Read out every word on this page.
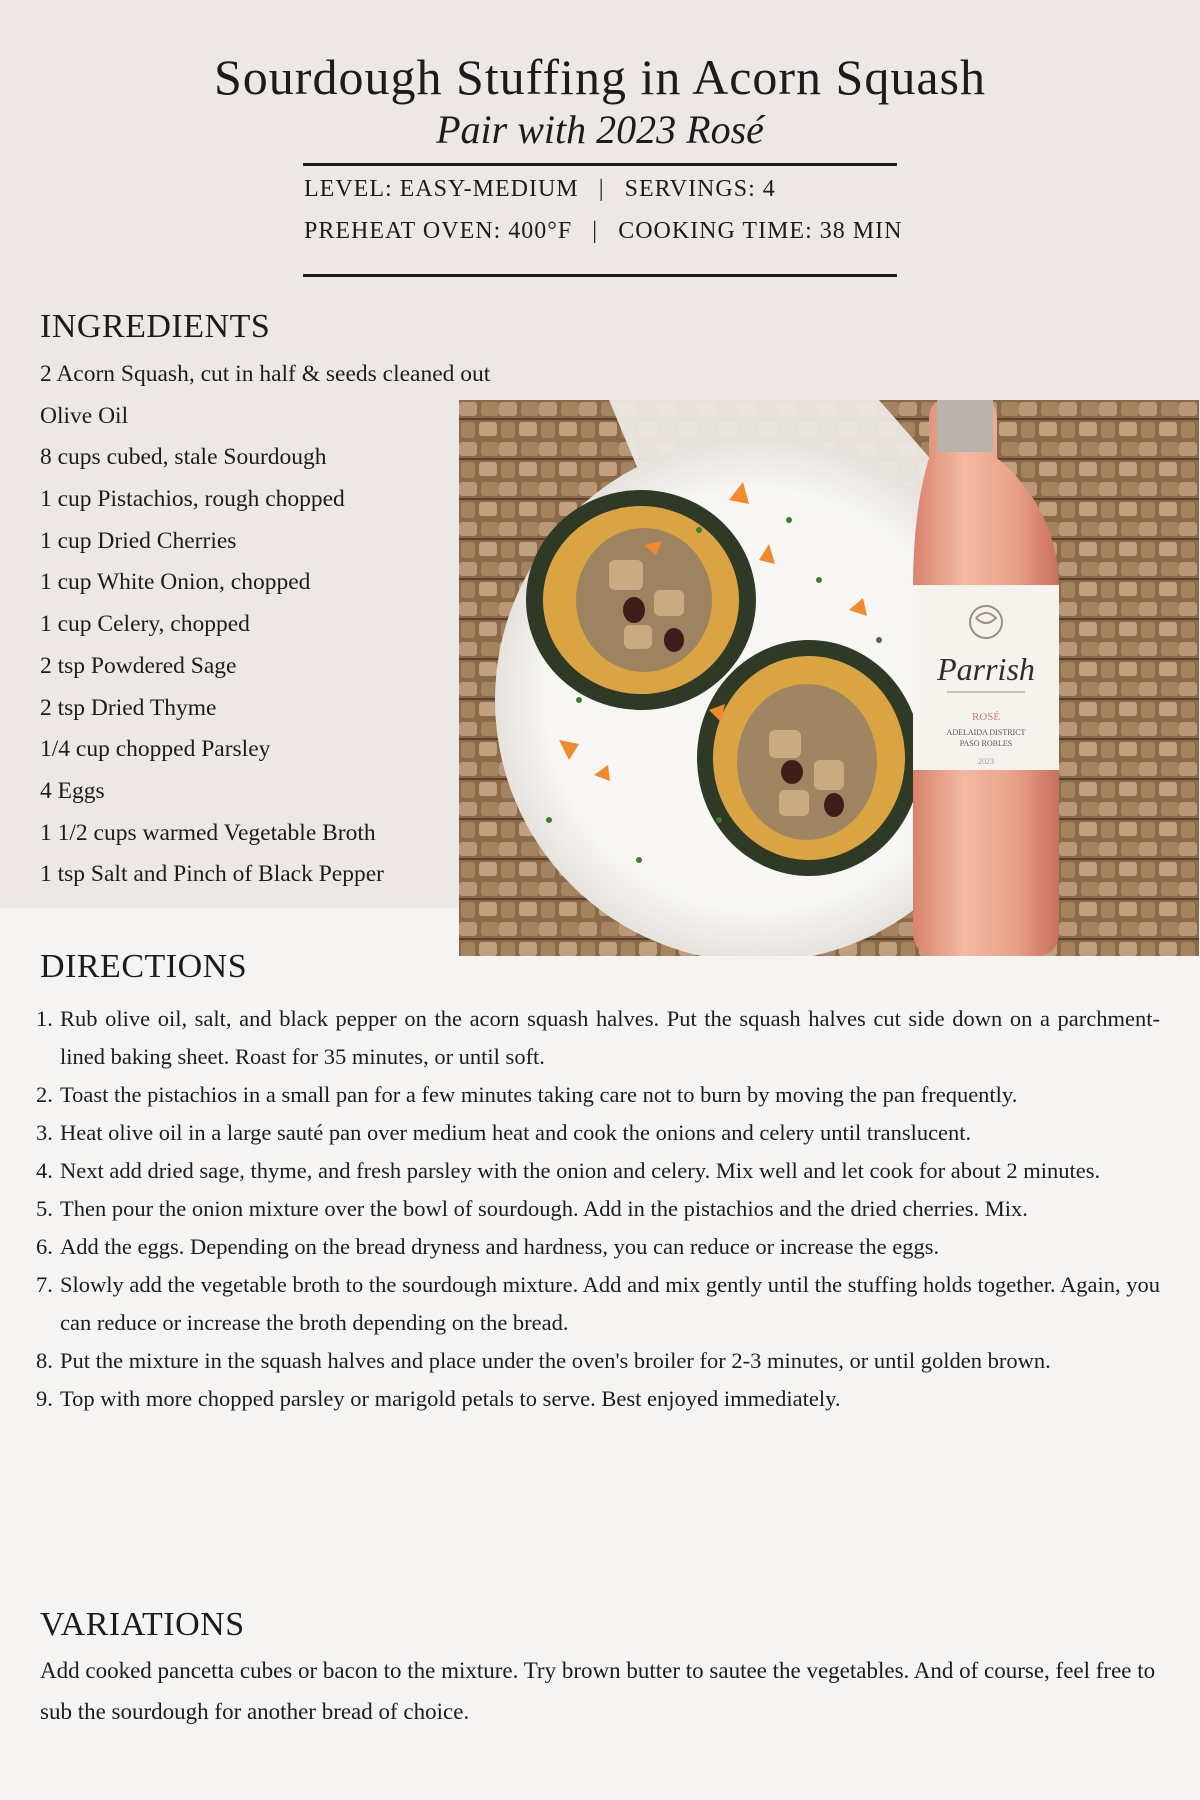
Sourdough Stuffing in Acorn Squash
Pair with 2023 Rosé
LEVEL: EASY-MEDIUM | SERVINGS: 4
PREHEAT OVEN: 400°F | COOKING TIME: 38 MIN
INGREDIENTS
2 Acorn Squash, cut in half & seeds cleaned out
Olive Oil
8 cups cubed, stale Sourdough
1 cup Pistachios, rough chopped
1 cup Dried Cherries
1 cup White Onion, chopped
1 cup Celery, chopped
2 tsp Powdered Sage
2 tsp Dried Thyme
1/4 cup chopped Parsley
4 Eggs
1 1/2 cups warmed Vegetable Broth
1 tsp Salt and Pinch of Black Pepper
Parrish
ROSÉ
ADELAIDA DISTRICT
PASO ROBLES
2023
DIRECTIONS
1. Rub olive oil, salt, and black pepper on the acorn squash halves. Put the squash halves cut side down on a parchment-lined baking sheet. Roast for 35 minutes, or until soft.
2. Toast the pistachios in a small pan for a few minutes taking care not to burn by moving the pan frequently.
3. Heat olive oil in a large sauté pan over medium heat and cook the onions and celery until translucent.
4. Next add dried sage, thyme, and fresh parsley with the onion and celery. Mix well and let cook for about 2 minutes.
5. Then pour the onion mixture over the bowl of sourdough. Add in the pistachios and the dried cherries. Mix.
6. Add the eggs. Depending on the bread dryness and hardness, you can reduce or increase the eggs.
7. Slowly add the vegetable broth to the sourdough mixture. Add and mix gently until the stuffing holds together. Again, you can reduce or increase the broth depending on the bread.
8. Put the mixture in the squash halves and place under the oven's broiler for 2-3 minutes, or until golden brown.
9. Top with more chopped parsley or marigold petals to serve. Best enjoyed immediately.
VARIATIONS
Add cooked pancetta cubes or bacon to the mixture. Try brown butter to sautee the vegetables. And of course, feel free to sub the sourdough for another bread of choice.
